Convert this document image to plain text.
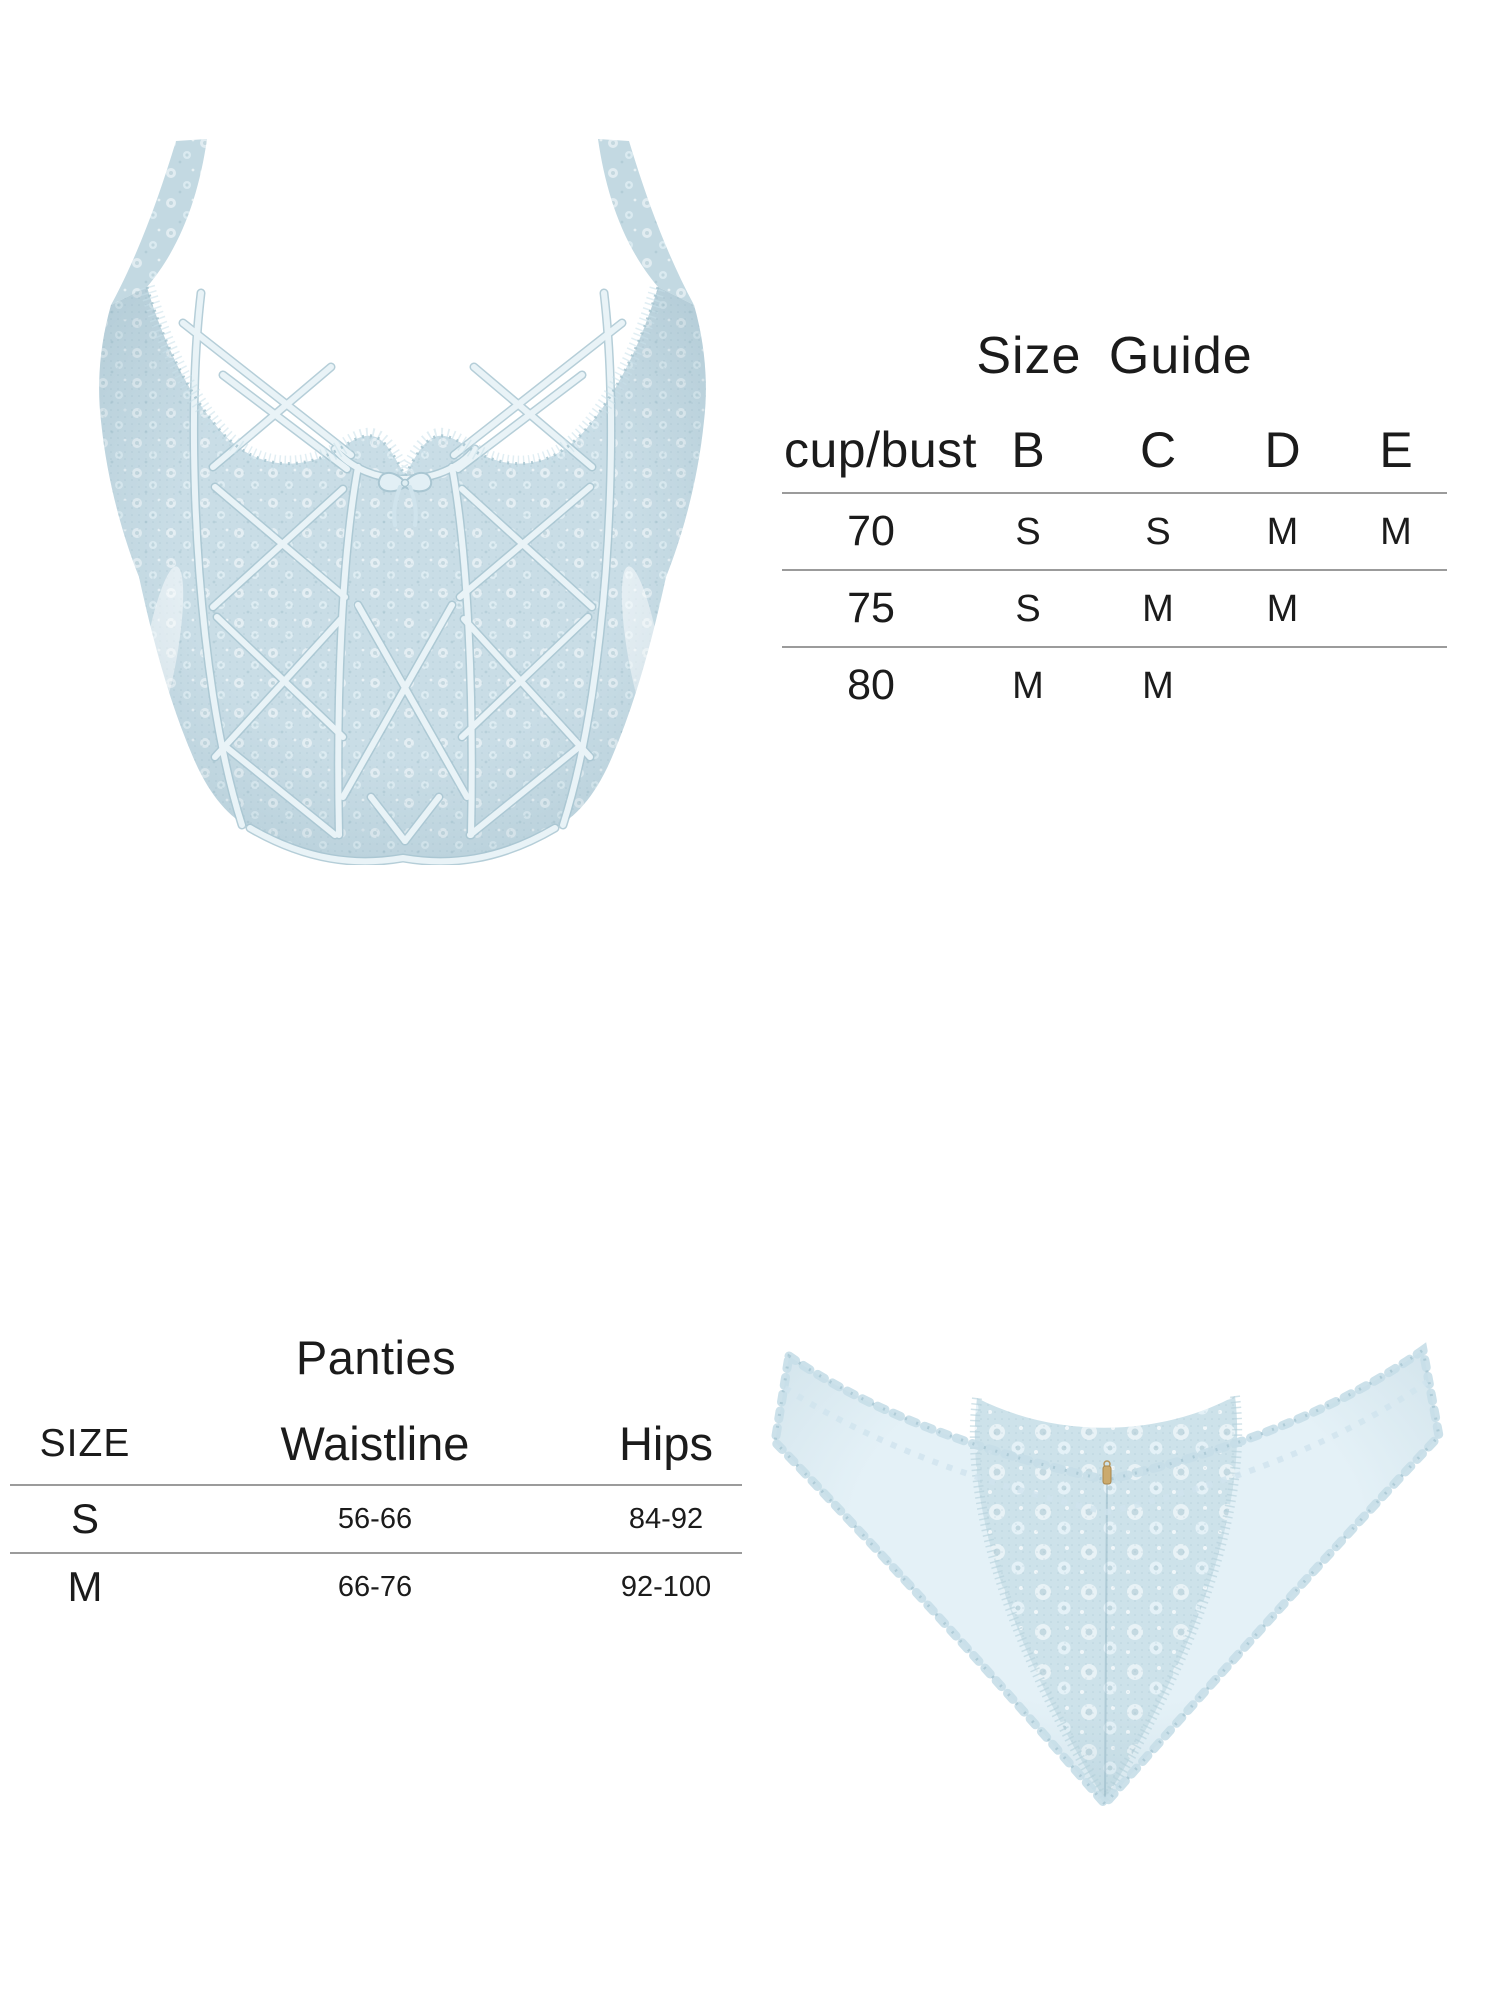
Size Guide
cup/bust B	C	D	E
70	S	S	M	M
75	S	M	M
80	M	M
Panties
SIZE	Waistline	Hips
S	56-66	84-92
M	66-76	92-100
